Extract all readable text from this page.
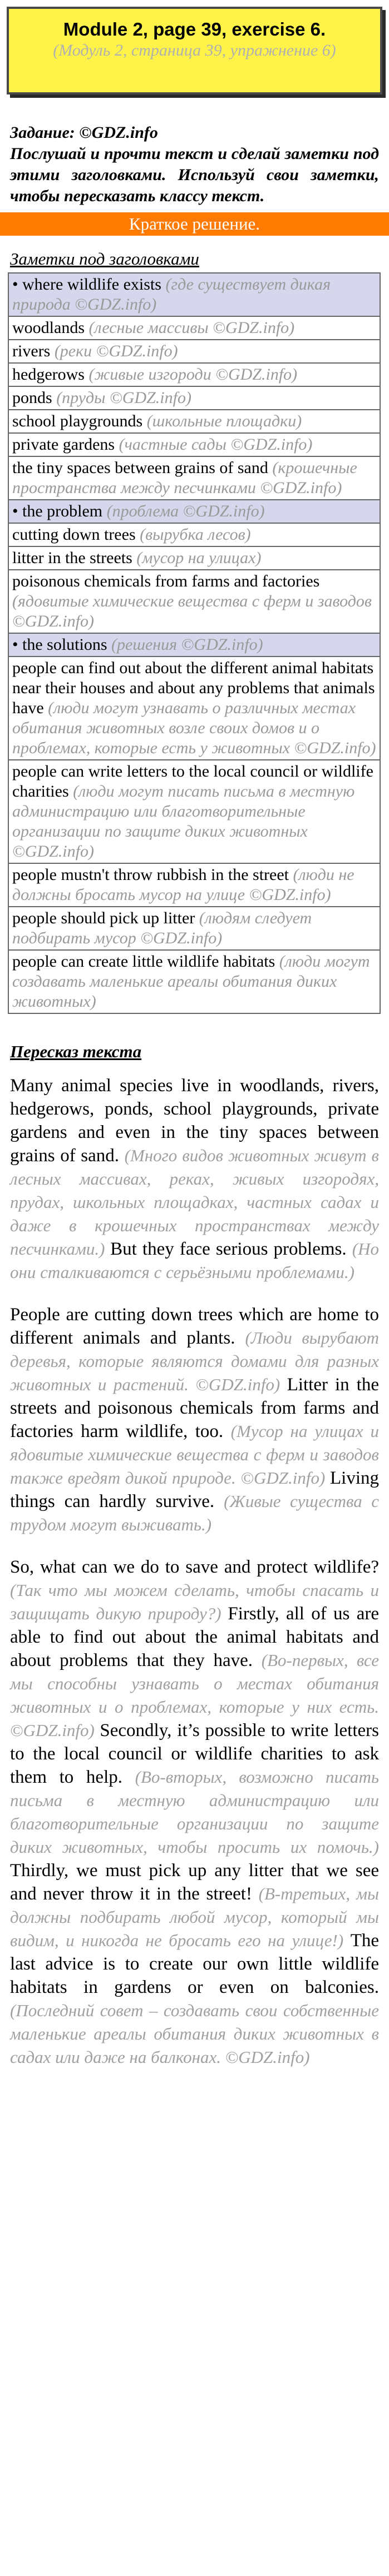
Module 2, page 39, exercise 6.
(Модуль 2, страница 39, упражнение 6)
Задание: ©GDZ.info
Послушай и прочти текст и сделай заметки под этими заголовками. Используй свои заметки, чтобы пересказать классу текст.
Краткое решение.
Заметки под заголовками
• where wildlife exists (где существует дикая природа ©GDZ.info)
woodlands (лесные массивы ©GDZ.info)
rivers (реки ©GDZ.info)
hedgerows (живые изгороди ©GDZ.info)
ponds (пруды ©GDZ.info)
school playgrounds (школьные площадки)
private gardens (частные сады ©GDZ.info)
the tiny spaces between grains of sand (крошечные пространства между песчинками ©GDZ.info)
• the problem (проблема ©GDZ.info)
cutting down trees (вырубка лесов)
litter in the streets (мусор на улицах)
poisonous chemicals from farms and factories (ядовитые химические вещества с ферм и заводов ©GDZ.info)
• the solutions (решения ©GDZ.info)
people can find out about the different animal habitats near their houses and about any problems that animals have (люди могут узнавать о различных местах обитания животных возле своих домов и о проблемах, которые есть у животных ©GDZ.info)
people can write letters to the local council or wildlife charities (люди могут писать письма в местную администрацию или благотворительные организации по защите диких животных ©GDZ.info)
people mustn't throw rubbish in the street (люди не должны бросать мусор на улице ©GDZ.info)
people should pick up litter (людям следует подбирать мусор ©GDZ.info)
people can create little wildlife habitats (люди могут создавать маленькие ареалы обитания диких животных)
Пересказ текста
Many animal species live in woodlands, rivers, hedgerows, ponds, school playgrounds, private gardens and even in the tiny spaces between grains of sand. (Много видов животных живут в лесных массивах, реках, живых изгородях, прудах, школьных площадках, частных садах и даже в крошечных пространствах между песчинками.) But they face serious problems. (Но они сталкиваются с серьёзными проблемами.)
People are cutting down trees which are home to different animals and plants. (Люди вырубают деревья, которые являются домами для разных животных и растений. ©GDZ.info) Litter in the streets and poisonous chemicals from farms and factories harm wildlife, too. (Мусор на улицах и ядовитые химические вещества с ферм и заводов также вредят дикой природе. ©GDZ.info) Living things can hardly survive. (Живые существа с трудом могут выживать.)
So, what can we do to save and protect wildlife? (Так что мы можем сделать, чтобы спасать и защищать дикую природу?) Firstly, all of us are able to find out about the animal habitats and about problems that they have. (Во-первых, все мы способны узнавать о местах обитания животных и о проблемах, которые у них есть. ©GDZ.info) Secondly, it’s possible to write letters to the local council or wildlife charities to ask them to help. (Во-вторых, возможно писать письма в местную администрацию или благотворительные организации по защите диких животных, чтобы просить их помочь.) Thirdly, we must pick up any litter that we see and never throw it in the street! (В-третьих, мы должны подбирать любой мусор, который мы видим, и никогда не бросать его на улице!) The last advice is to create our own little wildlife habitats in gardens or even on balconies. (Последний совет – создавать свои собственные маленькие ареалы обитания диких животных в садах или даже на балконах. ©GDZ.info)
